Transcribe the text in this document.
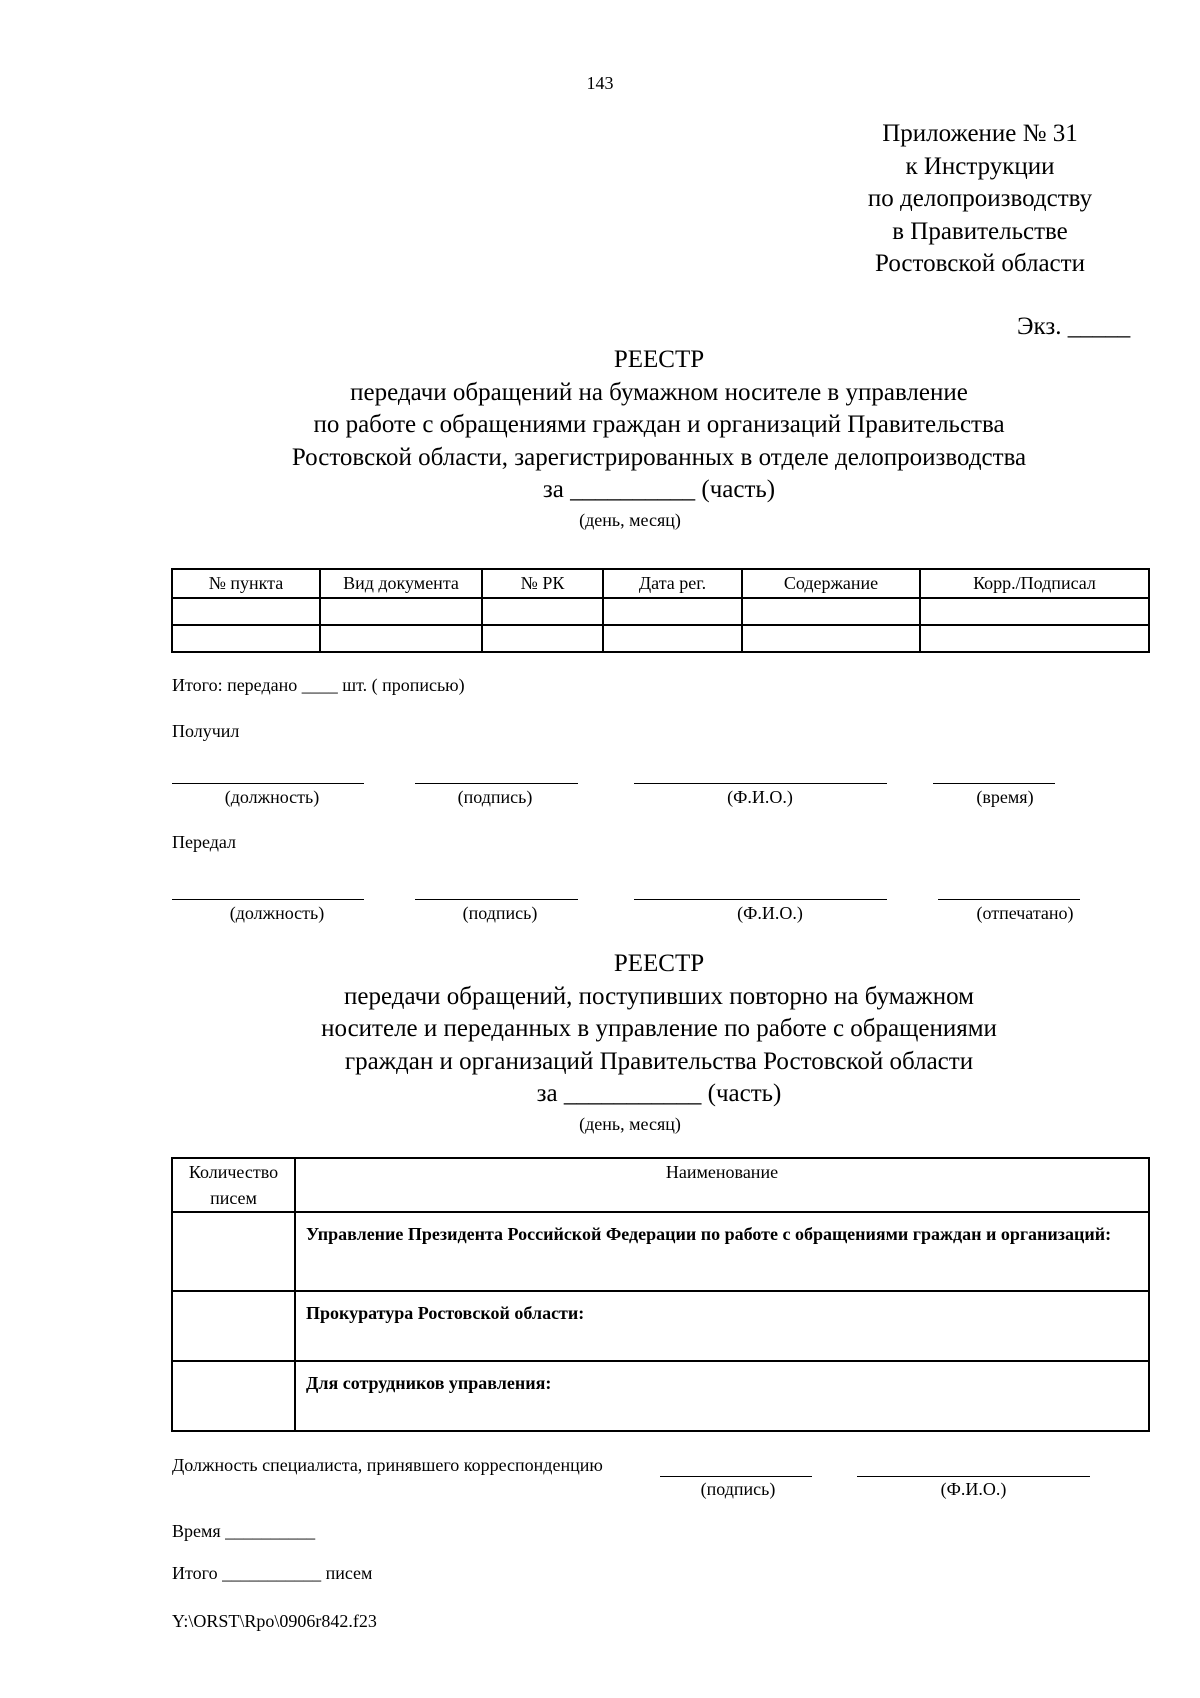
143
Приложение № 31
к Инструкции
по делопроизводству
в Правительстве
Ростовской области
Экз. _____
РЕЕСТР
передачи обращений на бумажном носителе в управление
по работе с обращениями граждан и организаций Правительства
Ростовской области, зарегистрированных в отделе делопроизводства
за __________ (часть)
(день, месяц)
№ пункта	Вид документа	№ РК	Дата рег.	Содержание	Корр./Подписал

Итого: передано ____ шт. ( прописью)
Получил
(должность)	(подпись)	(Ф.И.О.)	(время)
Передал
(должность)	(подпись)	(Ф.И.О.)	(отпечатано)
РЕЕСТР
передачи обращений, поступивших повторно на бумажном
носителе и переданных в управление по работе с обращениями
граждан и организаций Правительства Ростовской области
за ___________ (часть)
(день, месяц)
Количество
писем	Наименование
	Управление Президента Российской Федерации по работе с обращениями граждан и организаций:
	Прокуратура Ростовской области:
	Для сотрудников управления:
Должность специалиста, принявшего корреспонденцию
(подпись)	(Ф.И.О.)
Время __________
Итого ___________ писем
Y:\ORST\Rpo\0906r842.f23
